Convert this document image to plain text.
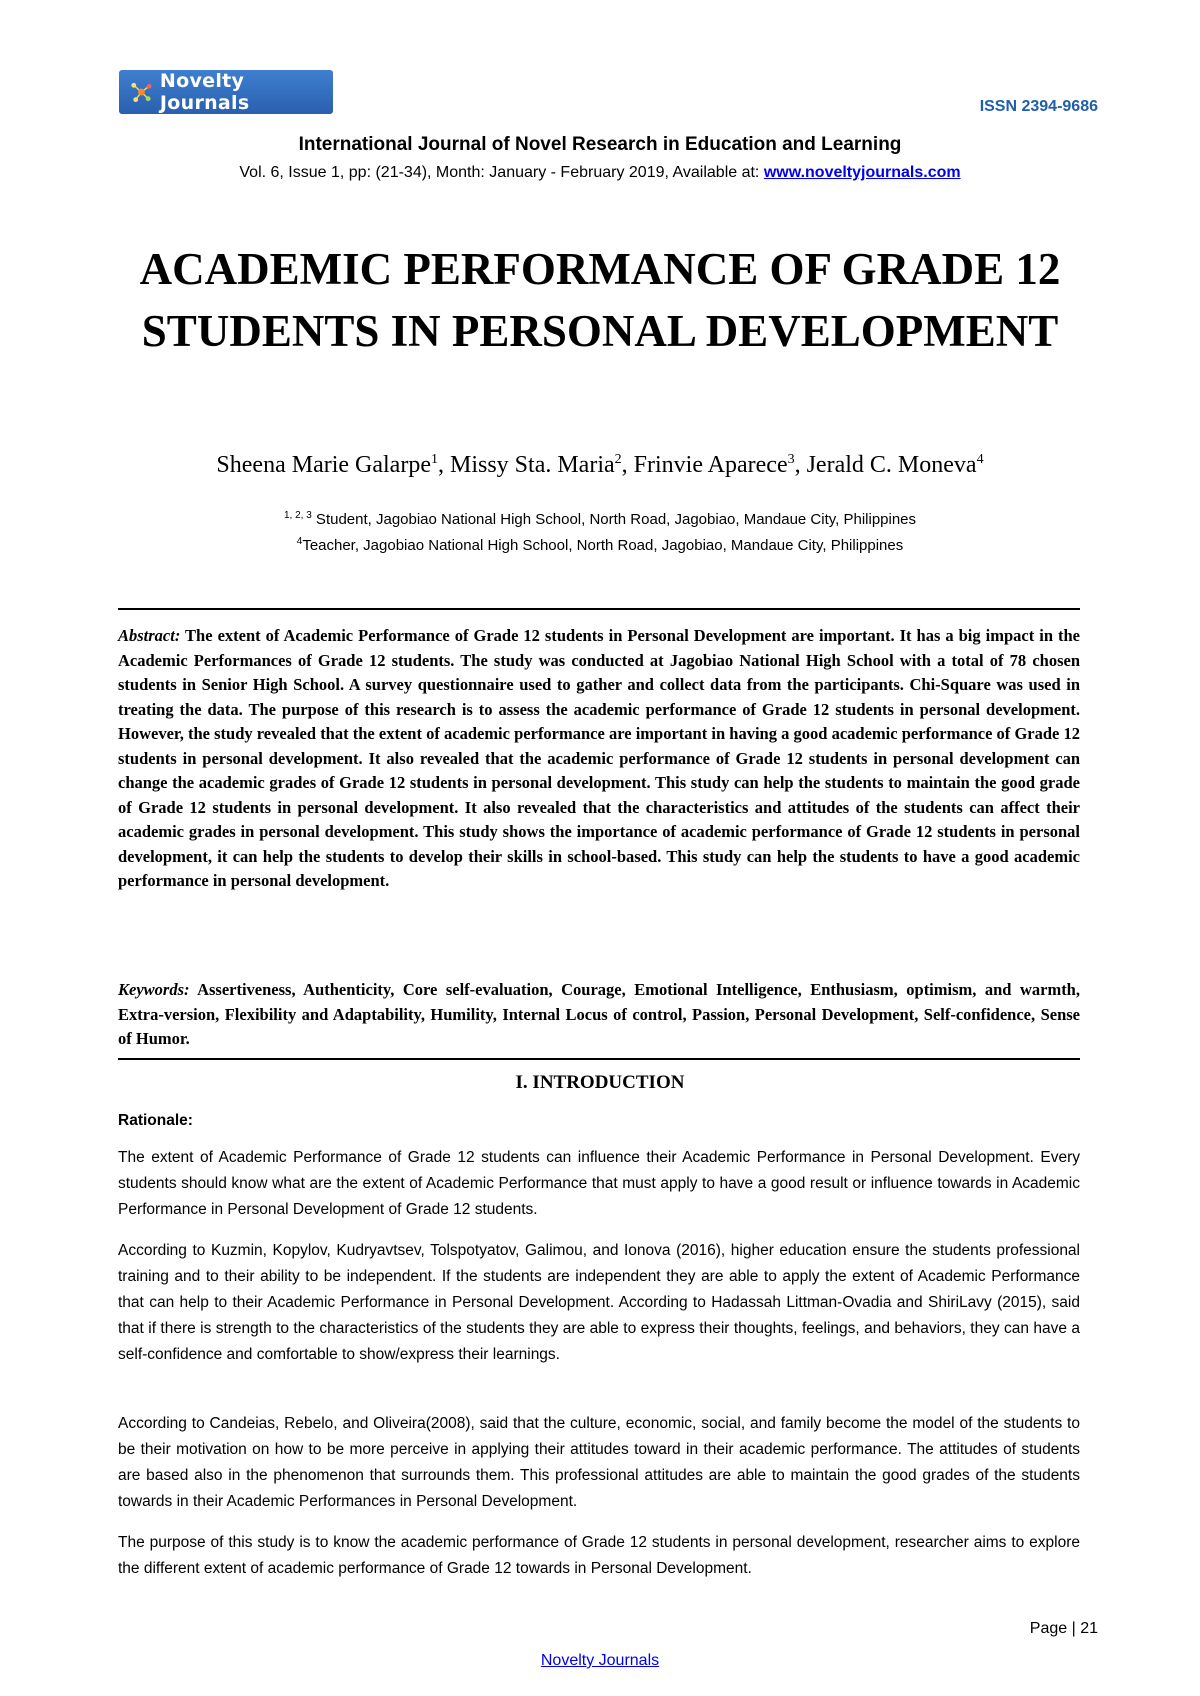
Novelty Journals	ISSN 2394-9686
International Journal of Novel Research in Education and Learning
Vol. 6, Issue 1, pp: (21-34), Month: January - February 2019, Available at: www.noveltyjournals.com
ACADEMIC PERFORMANCE OF GRADE 12 STUDENTS IN PERSONAL DEVELOPMENT
Sheena Marie Galarpe$^1$, Missy Sta. Maria$^2$, Frinvie Aparece$^3$, Jerald C. Moneva$^4$
$^{1, 2, 3}$ Student, Jagobiao National High School, North Road, Jagobiao, Mandaue City, Philippines
$^4$Teacher, Jagobiao National High School, North Road, Jagobiao, Mandaue City, Philippines

Abstract: The extent of Academic Performance of Grade 12 students in Personal Development are important. It has a big impact in the Academic Performances of Grade 12 students. The study was conducted at Jagobiao National High School with a total of 78 chosen students in Senior High School. A survey questionnaire used to gather and collect data from the participants. Chi-Square was used in treating the data. The purpose of this research is to assess the academic performance of Grade 12 students in personal development. However, the study revealed that the extent of academic performance are important in having a good academic performance of Grade 12 students in personal development. It also revealed that the academic performance of Grade 12 students in personal development can change the academic grades of Grade 12 students in personal development. This study can help the students to maintain the good grade of Grade 12 students in personal development. It also revealed that the characteristics and attitudes of the students can affect their academic grades in personal development. This study shows the importance of academic performance of Grade 12 students in personal development, it can help the students to develop their skills in school-based. This study can help the students to have a good academic performance in personal development.

Keywords: Assertiveness, Authenticity, Core self-evaluation, Courage, Emotional Intelligence, Enthusiasm, optimism, and warmth, Extra-version, Flexibility and Adaptability, Humility, Internal Locus of control, Passion, Personal Development, Self-confidence, Sense of Humor.

I. INTRODUCTION
Rationale:

The extent of Academic Performance of Grade 12 students can influence their Academic Performance in Personal Development. Every students should know what are the extent of Academic Performance that must apply to have a good result or influence towards in Academic Performance in Personal Development of Grade 12 students.

According to Kuzmin, Kopylov, Kudryavtsev, Tolspotyatov, Galimou, and Ionova (2016), higher education ensure the students professional training and to their ability to be independent. If the students are independent they are able to apply the extent of Academic Performance that can help to their Academic Performance in Personal Development. According to Hadassah Littman-Ovadia and ShiriLavy (2015), said that if there is strength to the characteristics of the students they are able to express their thoughts, feelings, and behaviors, they can have a self-confidence and comfortable to show/express their learnings.

According to Candeias, Rebelo, and Oliveira(2008), said that the culture, economic, social, and family become the model of the students to be their motivation on how to be more perceive in applying their attitudes toward in their academic performance. The attitudes of students are based also in the phenomenon that surrounds them. This professional attitudes are able to maintain the good grades of the students towards in their Academic Performances in Personal Development.

The purpose of this study is to know the academic performance of Grade 12 students in personal development, researcher aims to explore the different extent of academic performance of Grade 12 towards in Personal Development.

Page | 21
Novelty Journals
